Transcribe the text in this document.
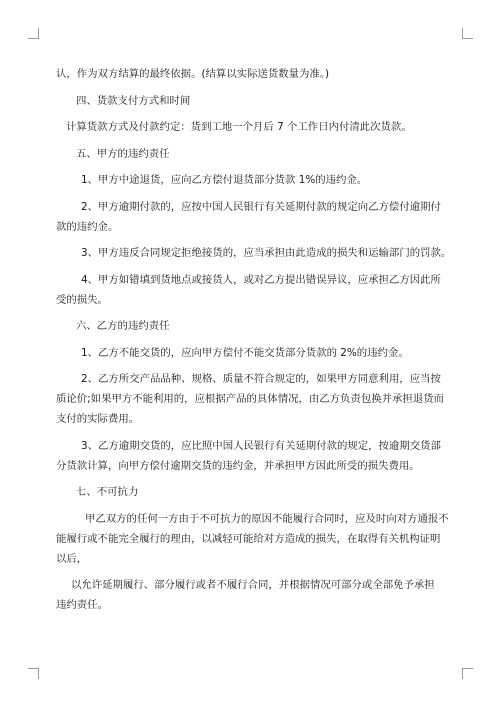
认，作为双方结算的最终依据。(结算以实际送货数量为准。)

四、货款支付方式和时间

计算货款方式及付款约定：货到工地一个月后 7 个工作日内付清此次货款。

五、甲方的违约责任

1、甲方中途退货，应向乙方偿付退货部分货款 1%的违约金。

2、甲方逾期付款的，应按中国人民银行有关延期付款的规定向乙方偿付逾期付

款的违约金。

3、甲方违反合同规定拒绝接货的，应当承担由此造成的损失和运输部门的罚款。

4、甲方如错填到货地点或接货人，或对乙方提出错误异议，应承担乙方因此所

受的损失。

六、乙方的违约责任

1、乙方不能交货的，应向甲方偿付不能交货部分货款的 2%的违约金。

2、乙方所交产品品种、规格、质量不符合规定的，如果甲方同意利用，应当按

质论价;如果甲方不能利用的，应根据产品的具体情况，由乙方负责包换并承担退货而

支付的实际费用。

3、乙方逾期交货的，应比照中国人民银行有关延期付款的规定，按逾期交货部

分货款计算，向甲方偿付逾期交货的违约金，并承担甲方因此所受的损失费用。

七、不可抗力

甲乙双方的任何一方由于不可抗力的原因不能履行合同时，应及时向对方通报不

能履行或不能完全履行的理由，以减轻可能给对方造成的损失，在取得有关机构证明

以后，

以允许延期履行、部分履行或者不履行合同，并根据情况可部分或全部免予承担

违约责任。
